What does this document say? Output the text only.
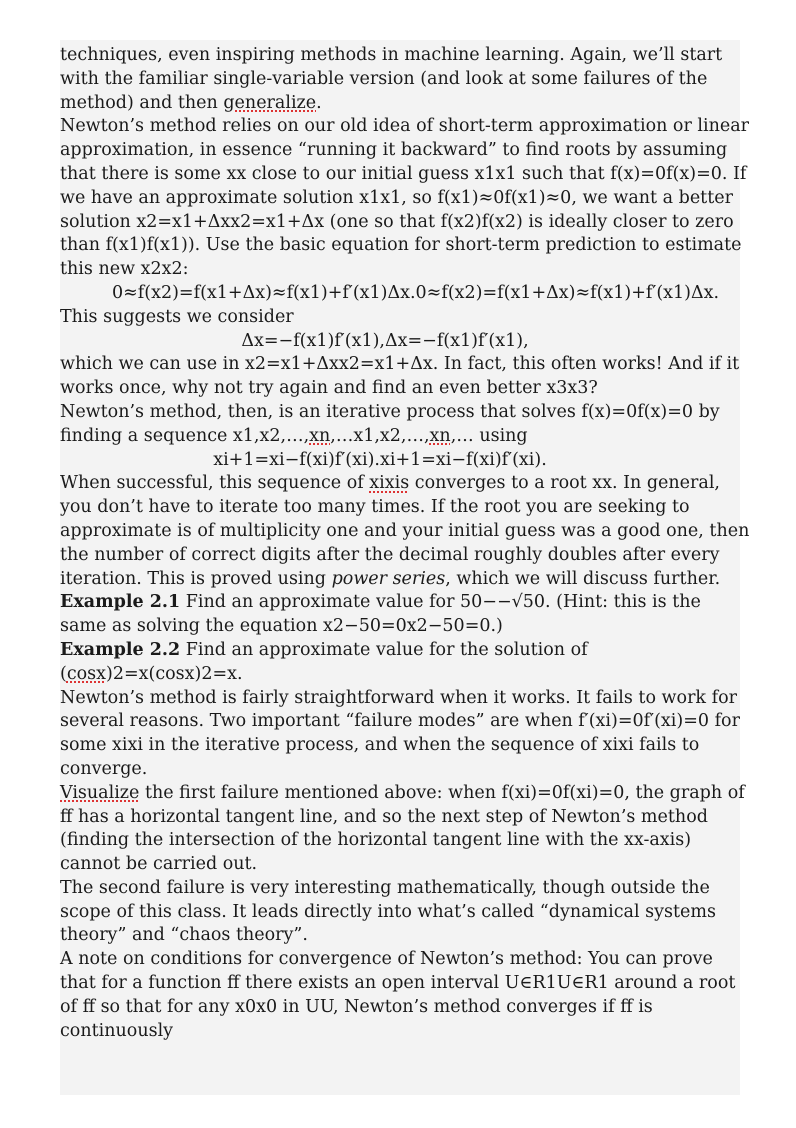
techniques, even inspiring methods in machine learning. Again, we’ll start with the familiar single-variable version (and look at some failures of the method) and then generalize.

Newton’s method relies on our old idea of short-term approximation or linear approximation, in essence “running it backward” to find roots by assuming that there is some xx close to our initial guess x1x1 such that f(x)=0f(x)=0. If we have an approximate solution x1x1, so f(x1)≈0f(x1)≈0, we want a better solution x2=x1+Δxx2=x1+Δx (one so that f(x2)f(x2) is ideally closer to zero than f(x1)f(x1)). Use the basic equation for short-term prediction to estimate this new x2x2:

0≈f(x2)=f(x1+Δx)≈f(x1)+f′(x1)Δx.0≈f(x2)=f(x1+Δx)≈f(x1)+f′(x1)Δx.

This suggests we consider

Δx=−f(x1)f′(x1),Δx=−f(x1)f′(x1),

which we can use in x2=x1+Δxx2=x1+Δx. In fact, this often works! And if it works once, why not try again and find an even better x3x3?

Newton’s method, then, is an iterative process that solves f(x)=0f(x)=0 by finding a sequence x1,x2,…,xn,…x1,x2,…,xn,… using

xi+1=xi−f(xi)f′(xi).xi+1=xi−f(xi)f′(xi).

When successful, this sequence of xixis converges to a root xx. In general, you don’t have to iterate too many times. If the root you are seeking to approximate is of multiplicity one and your initial guess was a good one, then the number of correct digits after the decimal roughly doubles after every iteration. This is proved using power series, which we will discuss further.

Example 2.1 Find an approximate value for 50−−√50. (Hint: this is the same as solving the equation x2−50=0x2−50=0.)

Example 2.2 Find an approximate value for the solution of (cosx)2=x(cosx)2=x.

Newton’s method is fairly straightforward when it works. It fails to work for several reasons. Two important “failure modes” are when f′(xi)=0f′(xi)=0 for some xixi in the iterative process, and when the sequence of xixi fails to converge.

Visualize the first failure mentioned above: when f(xi)=0f(xi)=0, the graph of ff has a horizontal tangent line, and so the next step of Newton’s method (finding the intersection of the horizontal tangent line with the xx-axis) cannot be carried out.

The second failure is very interesting mathematically, though outside the scope of this class. It leads directly into what’s called “dynamical systems theory” and “chaos theory”.

A note on conditions for convergence of Newton’s method: You can prove that for a function ff there exists an open interval U∈R1U∈R1 around a root of ff so that for any x0x0 in UU, Newton’s method converges if ff is continuously
